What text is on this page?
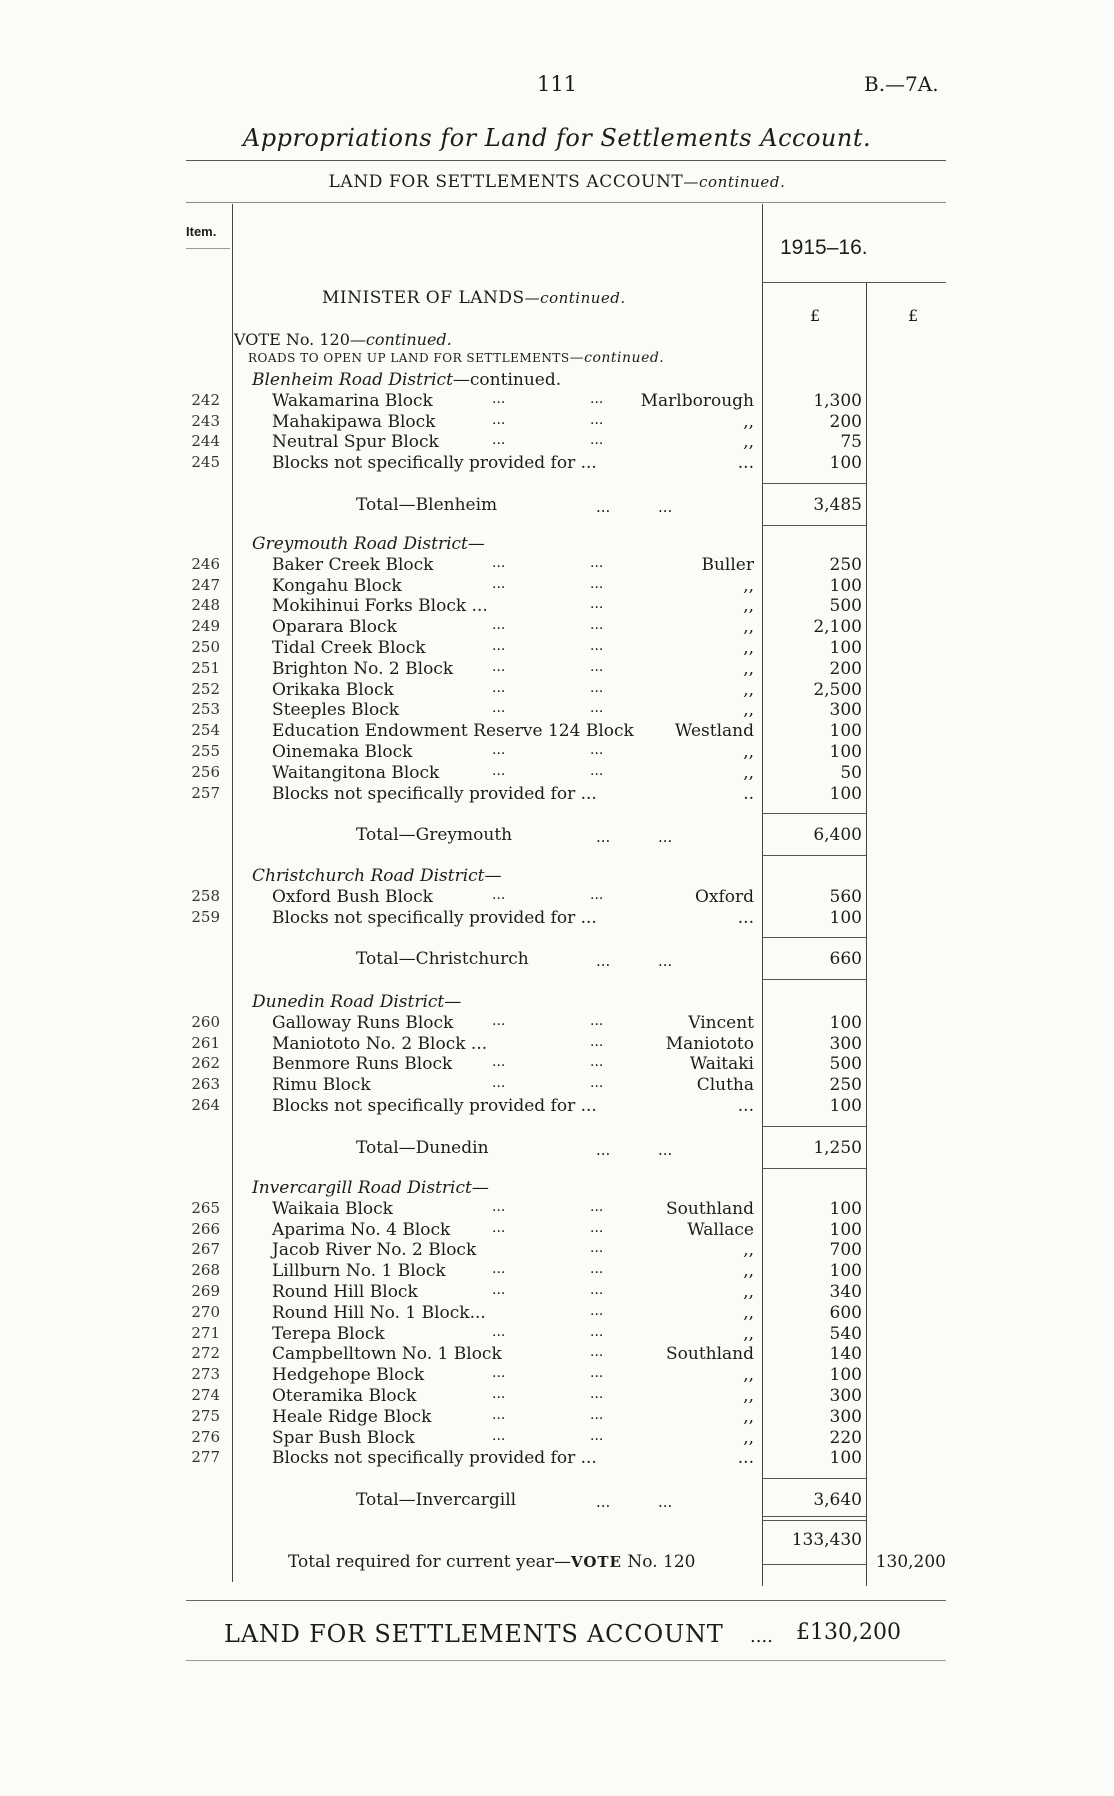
111	B.—7A.
Appropriations for Land for Settlements Account.
LAND FOR SETTLEMENTS ACCOUNT—continued.
Item.
1915–16.
£	£
MINISTER OF LANDS—continued.
VOTE No. 120—continued.
ROADS TO OPEN UP LAND FOR SETTLEMENTS—continued.
Blenheim Road District—continued.
242	Wakamarina Block	...	... Marlborough	1,300
243	Mahakipawa Block	...	...	,,	200
244	Neutral Spur Block	...	...	,,	75
245	Blocks not specifically provided for ...	...	100
Total—Blenheim	...          ...	3,485
Greymouth Road District—
246	Baker Creek Block	...	...	Buller	250
247	Kongahu Block	...	...	,,	100
248	Mokihinui Forks Block ...	...	,,	500
249	Oparara Block	...	...	,,	2,100
250	Tidal Creek Block	...	...	,,	100
251	Brighton No. 2 Block	...	...	,,	200
252	Orikaka Block	...	...	,,	2,500
253	Steeples Block	...	...	,,	300
254	Education Endowment Reserve 124 Block Westland	100
255	Oinemaka Block	...	...	,,	100
256	Waitangitona Block	...	...	,,	50
257	Blocks not specifically provided for ...	..	100
Total—Greymouth	...          ...	6,400
Christchurch Road District—
258	Oxford Bush Block	...	...	Oxford	560
259	Blocks not specifically provided for ...	...	100
Total—Christchurch	...          ...	660
Dunedin Road District—
260	Galloway Runs Block	...	...	Vincent	100
261	Maniototo No. 2 Block ...	...	Maniototo	300
262	Benmore Runs Block	...	...	Waitaki	500
263	Rimu Block	...	...	Clutha	250
264	Blocks not specifically provided for ...	...	100
Total—Dunedin	...          ...	1,250
Invercargill Road District—
265	Waikaia Block	...	...	Southland	100
266	Aparima No. 4 Block	...	...	Wallace	100
267	Jacob River No. 2 Block	...	,,	700
268	Lillburn No. 1 Block	...	...	,,	100
269	Round Hill Block	...	...	,,	340
270	Round Hill No. 1 Block...	...	,,	600
271	Terepa Block	...	...	,,	540
272	Campbelltown No. 1 Block	...	Southland	140
273	Hedgehope Block	...	...	,,	100
274	Oteramika Block	...	...	,,	300
275	Heale Ridge Block	...	...	,,	300
276	Spar Bush Block	...	...	,,	220
277	Blocks not specifically provided for ...	...	100
Total—Invercargill	...          ...	3,640
133,430
Total required for current year—VOTE No. 120	130,200
LAND FOR SETTLEMENTS ACCOUNT .... £130,200
